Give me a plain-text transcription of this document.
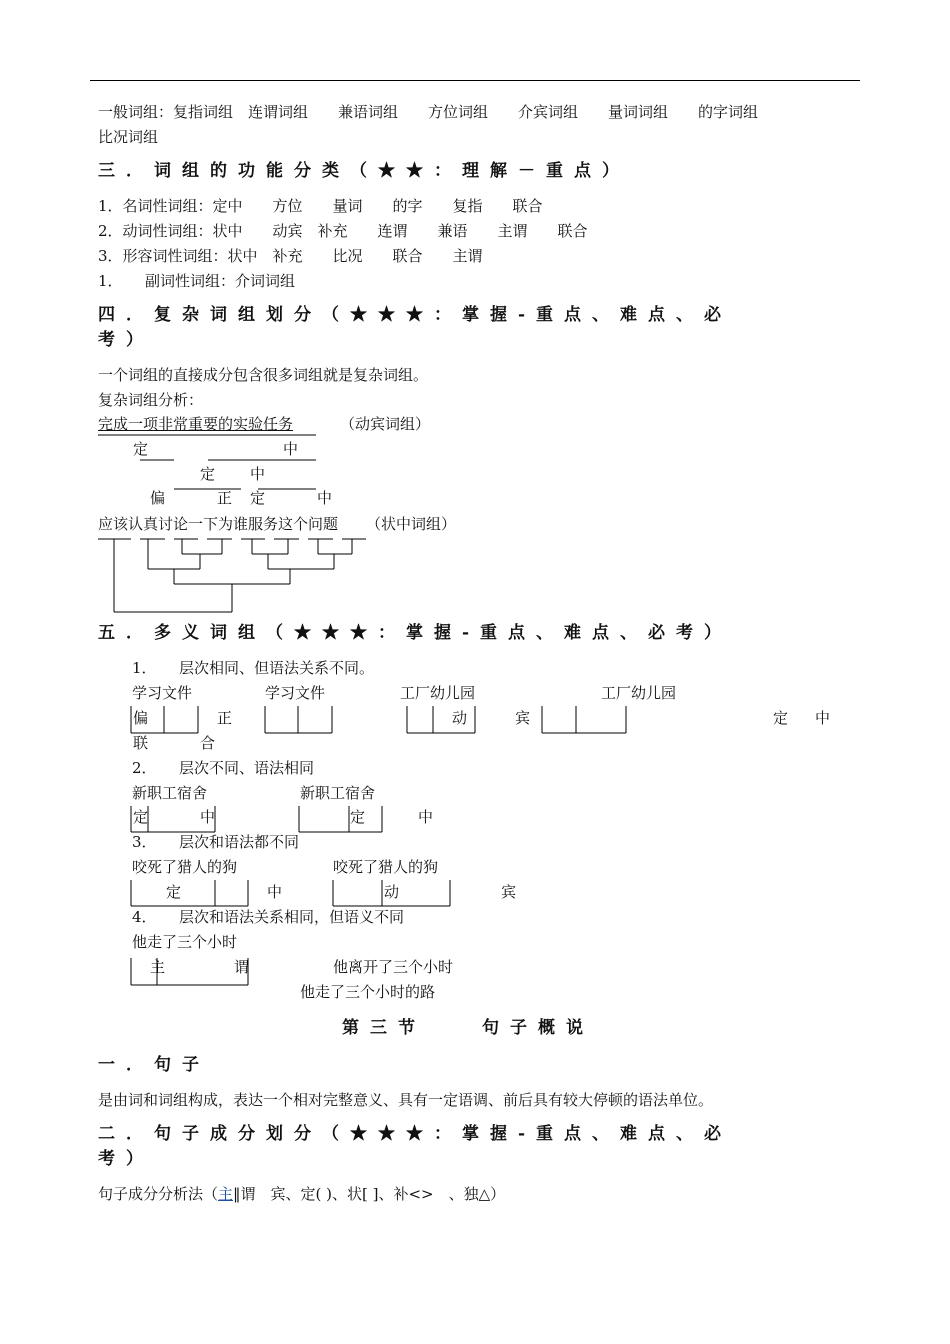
一般词组：复指词组　连谓词组　　兼语词组　　方位词组　　介宾词组　　量词词组　　的字词组
比况词组
三．词组的功能分类（★★：理解－重点）
1．名词性词组：定中　　方位　　量词　　的字　　复指　　联合
2．动词性词组：状中　　动宾　补充　　连谓　　兼语　　主谓　　联合
3．形容词性词组：状中　补充　　比况　　联合　　主谓
1．　　副词性词组：介词词组
四．复杂词组划分（★★★：掌握-重点、难点、必
考）
一个词组的直接成分包含很多词组就是复杂词组。
复杂词组分析：
完成一项非常重要的实验任务	（动宾词组）
定	中
定 中
偏	正 定	中
应该认真讨论一下为谁服务这个问题 （状中词组）
五．多义词组（★★★：掌握-重点、难点、必考）
1．　　层次相同、但语法关系不同。
学习文件	学习文件	工厂幼儿园	工厂幼儿园
偏	正	动	宾	定 中
联	合
2．　　层次不同、语法相同
新职工宿舍	新职工宿舍
定	中	定	中
3．　　层次和语法都不同
咬死了猎人的狗	咬死了猎人的狗
定	中	动	宾
4．　　层次和语法关系相同，但语义不同
他走了三个小时
主	谓	他离开了三个小时
他走了三个小时的路
第三节　　句子概说
一．句子
是由词和词组构成，表达一个相对完整意义、具有一定语调、前后具有较大停顿的语法单位。
二．句子成分划分（★★★：掌握-重点、难点、必
考）
句子成分分析法（主‖谓　宾、定( )、状[ ]、补<>　、独△）
